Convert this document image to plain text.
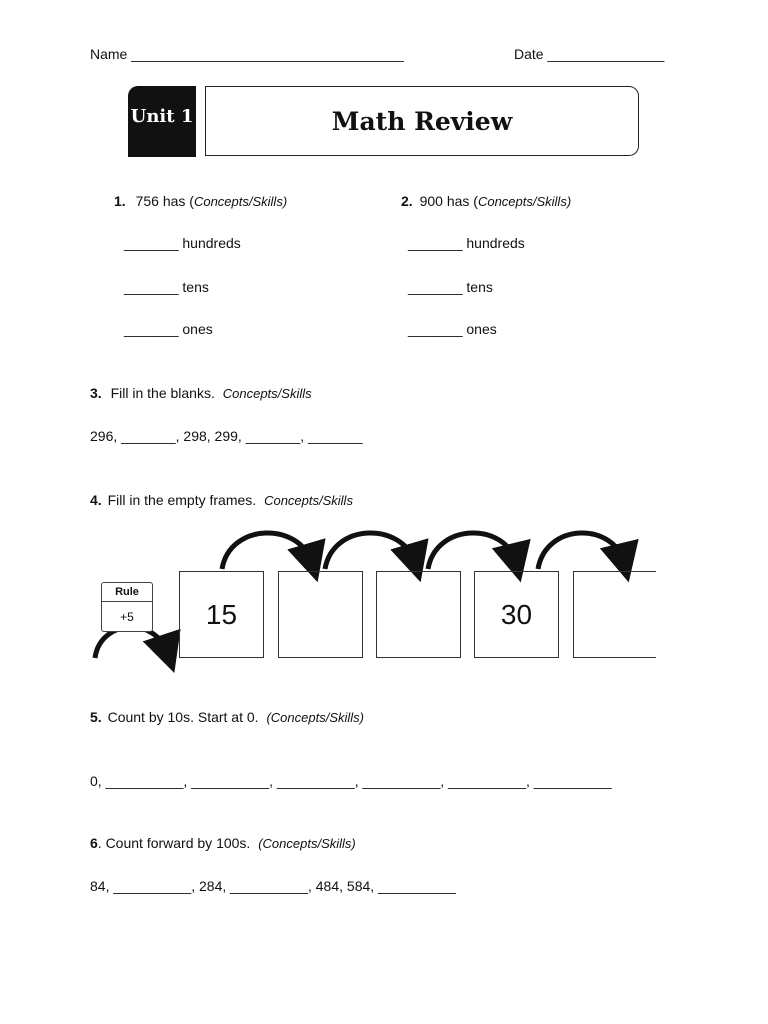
Name ___________________________________	Date _______________
Unit 1	Math Review
1. 756 has (Concepts/Skills)
_______ hundreds
_______ tens
_______ ones
2. 900 has (Concepts/Skills)
_______ hundreds
_______ tens
_______ ones
3. Fill in the blanks. Concepts/Skills
296, _______, 298, 299, _______, _______
4. Fill in the empty frames. Concepts/Skills
Rule
+5	15	30
5. Count by 10s. Start at 0. (Concepts/Skills)
0, __________, __________, __________, __________, __________, __________
6. Count forward by 100s. (Concepts/Skills)
84, __________, 284, __________, 484, 584, __________
